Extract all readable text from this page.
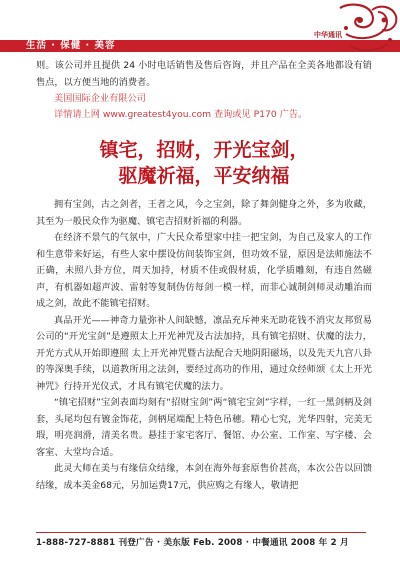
生活 · 保健 · 美容
中华通讯

则。该公司并且提供 24 小时电话销售及售后咨询，并且产品在全美各地都设有销售点，以方便当地的消费者。

美国国际企业有限公司
详情请上网 www.greatest4you.com 查询或见 P170 广告。
镇宅，招财，开光宝剑，
驱魔祈福，平安纳福

拥有宝剑，古之剑者，王者之风，今之宝剑，除了舞剑健身之外，多为收藏，其至为一般民众作为驱魔、镇宅吉招财祈福的利器。

在经济不景气的气氛中，广大民众希望家中挂一把宝剑，为自己及家人的工作和生意带来好运，有些人家中摆设仿间装饰宝剑，但功效不显，原因是法师施法不正确，未照八卦方位，周天加持，材质不佳或假材质，化学质雕刻，有违自然磁声，有机器如超声波、雷射等复制伪仿每剑一模一样，而非心诚制剑师灵动雕治而成之剑，故此不能镇宅招财。

真品开光——神奇力量弥补人间缺憾，凛品充斥神来无助花钱不消灾友邦贸易公司的“开光宝剑”是遵照太上开光神咒及古法加持，具有镇宅招财、伏魔的法力，开光方式从开始即遵照 太上开光神咒暨古法配合天地阴阳磁场，以及先天九宫八卦的等深奥手续，以道教所用之法剑，要经过高功的作用，通过众经师颂《太上开光神咒》行持开光仪式，才具有镇宅伏魔的法力。

“镇宅招财”宝剑表面均刻有“招财宝剑”两“镇宅宝剑”字样，一红一黑剑柄及剑套，头尾均包有镀金饰花，剑柄尾端配上特色吊穗。精心七究，光华四射，完美无瑕，明亮润滑，清美名贵。悬挂于家宅客厅、餐馆、办公室、工作室、写字楼、会客室、大堂均合适。

此灵大师在美与有缘信众结缘，本剑在海外每套原售价甚高，本次公告以回馈结缘，成本美金68元，另加运费17元，供应购之有缘人，敬请把

1-888-727-8881 刊登广告 · 美东版 Feb. 2008 · 中餐通讯 2008 年 2 月
